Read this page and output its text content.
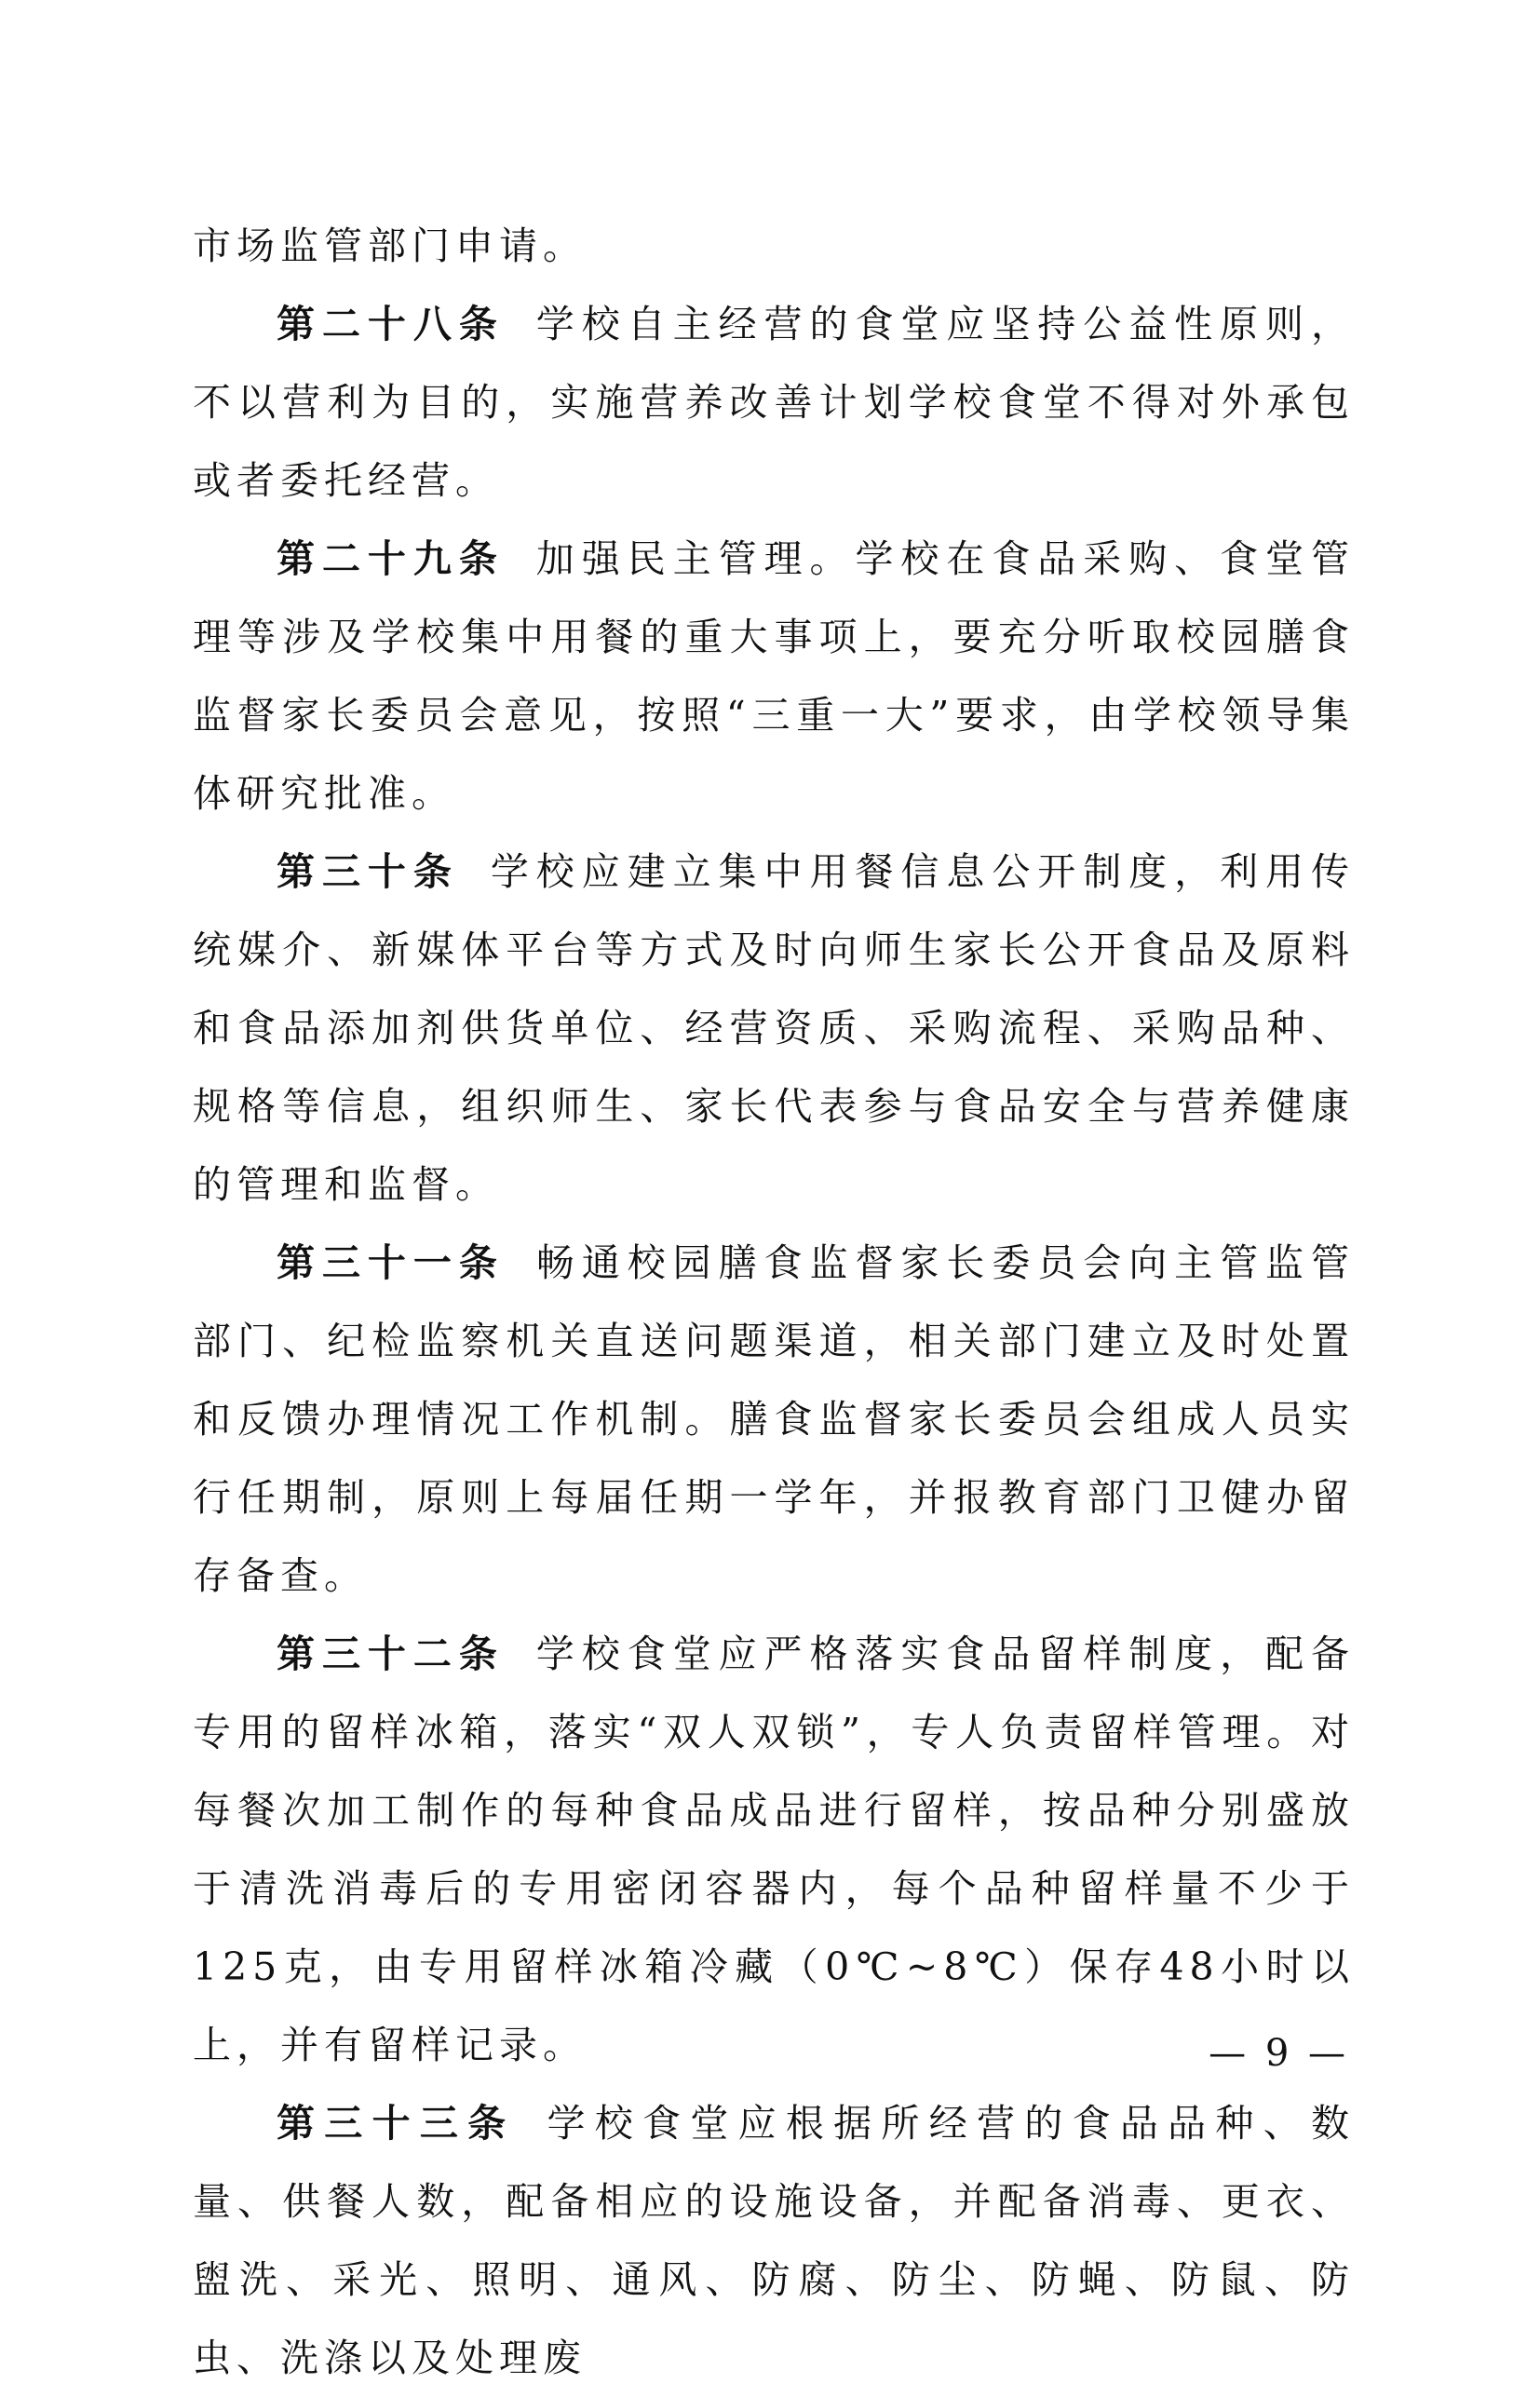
市场监管部门申请。

第二十八条 学校自主经营的食堂应坚持公益性原则，不以营利为目的，实施营养改善计划学校食堂不得对外承包或者委托经营。

第二十九条 加强民主管理。学校在食品采购、食堂管理等涉及学校集中用餐的重大事项上，要充分听取校园膳食监督家长委员会意见，按照“三重一大”要求，由学校领导集体研究批准。

第三十条 学校应建立集中用餐信息公开制度，利用传统媒介、新媒体平台等方式及时向师生家长公开食品及原料和食品添加剂供货单位、经营资质、采购流程、采购品种、规格等信息，组织师生、家长代表参与食品安全与营养健康的管理和监督。

第三十一条 畅通校园膳食监督家长委员会向主管监管部门、纪检监察机关直送问题渠道，相关部门建立及时处置和反馈办理情况工作机制。膳食监督家长委员会组成人员实行任期制，原则上每届任期一学年，并报教育部门卫健办留存备查。

第三十二条 学校食堂应严格落实食品留样制度，配备专用的留样冰箱，落实“双人双锁”，专人负责留样管理。对每餐次加工制作的每种食品成品进行留样，按品种分别盛放于清洗消毒后的专用密闭容器内，每个品种留样量不少于125克，由专用留样冰箱冷藏（0℃~8℃）保存48小时以上，并有留样记录。

第三十三条 学校食堂应根据所经营的食品品种、数量、供餐人数，配备相应的设施设备，并配备消毒、更衣、盥洗、采光、照明、通风、防腐、防尘、防蝇、防鼠、防虫、洗涤以及处理废

— 9 —
